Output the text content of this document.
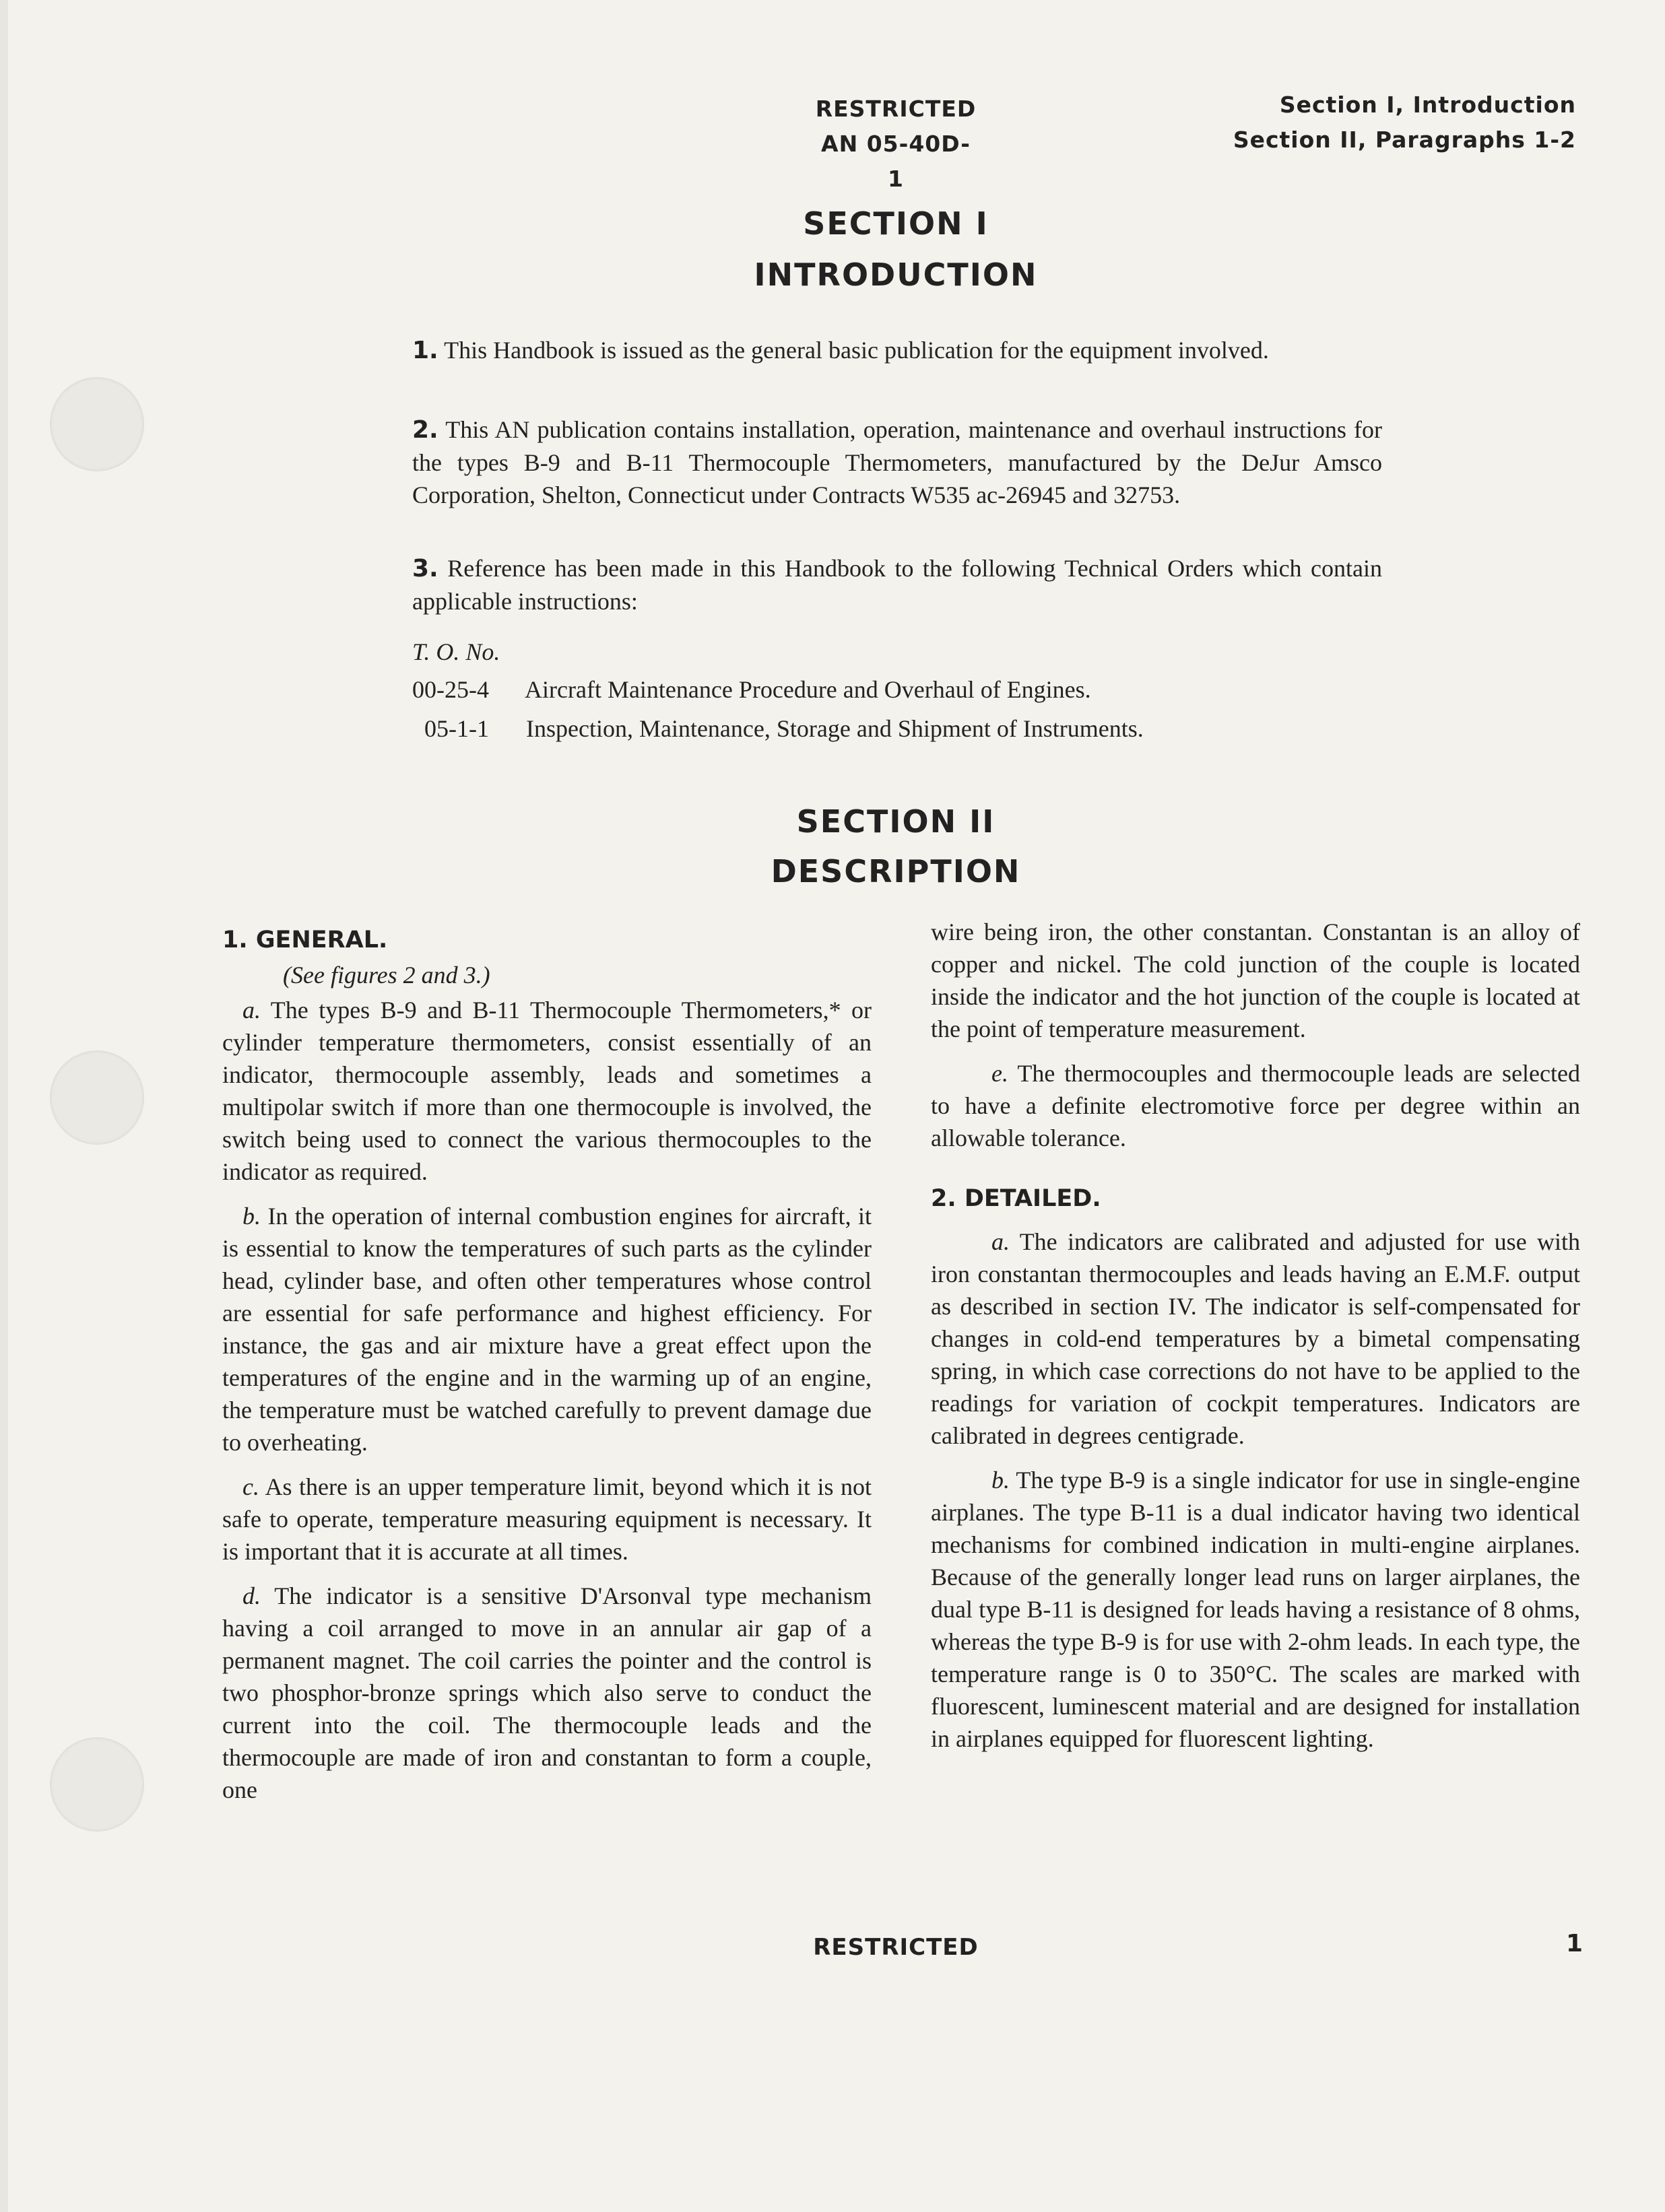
RESTRICTED
AN 05-40D-1
Section I, Introduction
Section II, Paragraphs 1-2
SECTION I
INTRODUCTION

1. This Handbook is issued as the general basic publication for the equipment involved.

2. This AN publication contains installation, operation, maintenance and overhaul instructions for the types B-9 and B-11 Thermocouple Thermometers, manufactured by the DeJur Amsco Corporation, Shelton, Connecticut under Contracts W535 ac-26945 and 32753.

3. Reference has been made in this Handbook to the following Technical Orders which contain applicable instructions:

T. O. No.
00-25-4 Aircraft Maintenance Procedure and Overhaul of Engines.
05-1-1 Inspection, Maintenance, Storage and Shipment of Instruments.
SECTION II
DESCRIPTION
1. GENERAL.
(See figures 2 and 3.)

a. The types B-9 and B-11 Thermocouple Thermometers,* or cylinder temperature thermometers, consist essentially of an indicator, thermocouple assembly, leads and sometimes a multipolar switch if more than one thermocouple is involved, the switch being used to connect the various thermocouples to the indicator as required.

b. In the operation of internal combustion engines for aircraft, it is essential to know the temperatures of such parts as the cylinder head, cylinder base, and often other temperatures whose control are essential for safe performance and highest efficiency. For instance, the gas and air mixture have a great effect upon the temperatures of the engine and in the warming up of an engine, the temperature must be watched carefully to prevent damage due to overheating.

c. As there is an upper temperature limit, beyond which it is not safe to operate, temperature measuring equipment is necessary. It is important that it is accurate at all times.

d. The indicator is a sensitive D'Arsonval type mechanism having a coil arranged to move in an annular air gap of a permanent magnet. The coil carries the pointer and the control is two phosphor-bronze springs which also serve to conduct the current into the coil. The thermocouple leads and the thermocouple are made of iron and constantan to form a couple, one

wire being iron, the other constantan. Constantan is an alloy of copper and nickel. The cold junction of the couple is located inside the indicator and the hot junction of the couple is located at the point of temperature measurement.

e. The thermocouples and thermocouple leads are selected to have a definite electromotive force per degree within an allowable tolerance.

2. DETAILED.

a. The indicators are calibrated and adjusted for use with iron constantan thermocouples and leads having an E.M.F. output as described in section IV. The indicator is self-compensated for changes in cold-end temperatures by a bimetal compensating spring, in which case corrections do not have to be applied to the readings for variation of cockpit temperatures. Indicators are calibrated in degrees centigrade.

b. The type B-9 is a single indicator for use in single-engine airplanes. The type B-11 is a dual indicator having two identical mechanisms for combined indication in multi-engine airplanes. Because of the generally longer lead runs on larger airplanes, the dual type B-11 is designed for leads having a resistance of 8 ohms, whereas the type B-9 is for use with 2-ohm leads. In each type, the temperature range is 0 to 350°C. The scales are marked with fluorescent, luminescent material and are designed for installation in airplanes equipped for fluorescent lighting.

RESTRICTED	1
